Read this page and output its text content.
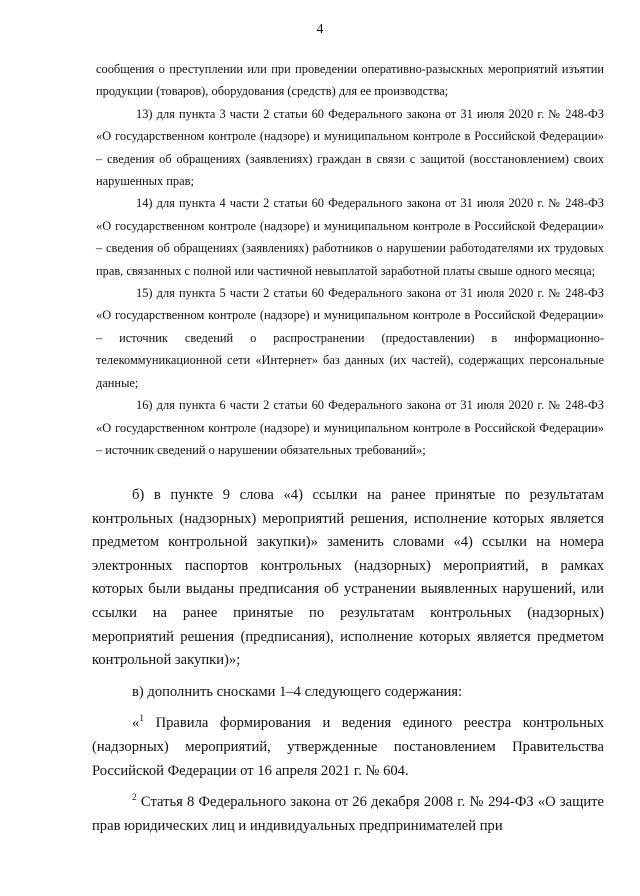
4

сообщения о преступлении или при проведении оперативно-разыскных мероприятий изъятии продукции (товаров), оборудования (средств) для ее производства;

13) для пункта 3 части 2 статьи 60 Федерального закона от 31 июля 2020 г. № 248-ФЗ «О государственном контроле (надзоре) и муниципальном контроле в Российской Федерации» – сведения об обращениях (заявлениях) граждан в связи с защитой (восстановлением) своих нарушенных прав;

14) для пункта 4 части 2 статьи 60 Федерального закона от 31 июля 2020 г. № 248-ФЗ «О государственном контроле (надзоре) и муниципальном контроле в Российской Федерации» – сведения об обращениях (заявлениях) работников о нарушении работодателями их трудовых прав, связанных с полной или частичной невыплатой заработной платы свыше одного месяца;

15) для пункта 5 части 2 статьи 60 Федерального закона от 31 июля 2020 г. № 248-ФЗ «О государственном контроле (надзоре) и муниципальном контроле в Российской Федерации» – источник сведений о распространении (предоставлении) в информационно-телекоммуникационной сети «Интернет» баз данных (их частей), содержащих персональные данные;

16) для пункта 6 части 2 статьи 60 Федерального закона от 31 июля 2020 г. № 248-ФЗ «О государственном контроле (надзоре) и муниципальном контроле в Российской Федерации» – источник сведений о нарушении обязательных требований»;

б) в пункте 9 слова «4) ссылки на ранее принятые по результатам контрольных (надзорных) мероприятий решения, исполнение которых является предметом контрольной закупки)» заменить словами «4) ссылки на номера электронных паспортов контрольных (надзорных) мероприятий, в рамках которых были выданы предписания об устранении выявленных нарушений, или ссылки на ранее принятые по результатам контрольных (надзорных) мероприятий решения (предписания), исполнение которых является предметом контрольной закупки)»;

в) дополнить сносками 1–4 следующего содержания:

«$^1$ Правила формирования и ведения единого реестра контрольных (надзорных) мероприятий, утвержденные постановлением Правительства Российской Федерации от 16 апреля 2021 г. № 604.

$^2$ Статья 8 Федерального закона от 26 декабря 2008 г. № 294-ФЗ «О защите прав юридических лиц и индивидуальных предпринимателей при
